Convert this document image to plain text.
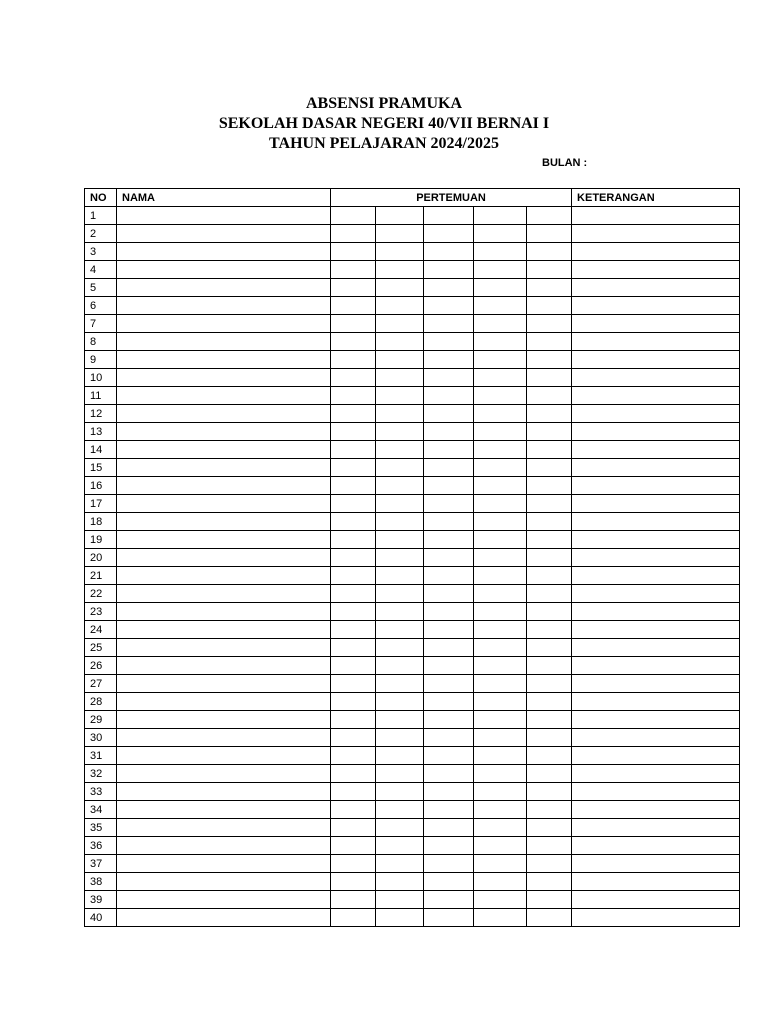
ABSENSI PRAMUKA
SEKOLAH DASAR NEGERI 40/VII BERNAI I
TAHUN PELAJARAN 2024/2025
BULAN :
NO	NAMA	PERTEMUAN					KETERANGAN
1							
2							
3							
4							
5							
6							
7							
8							
9							
10							
11							
12							
13							
14							
15							
16							
17							
18							
19							
20							
21							
22							
23							
24							
25							
26							
27							
28							
29							
30							
31							
32							
33							
34							
35							
36							
37							
38							
39							
40							
